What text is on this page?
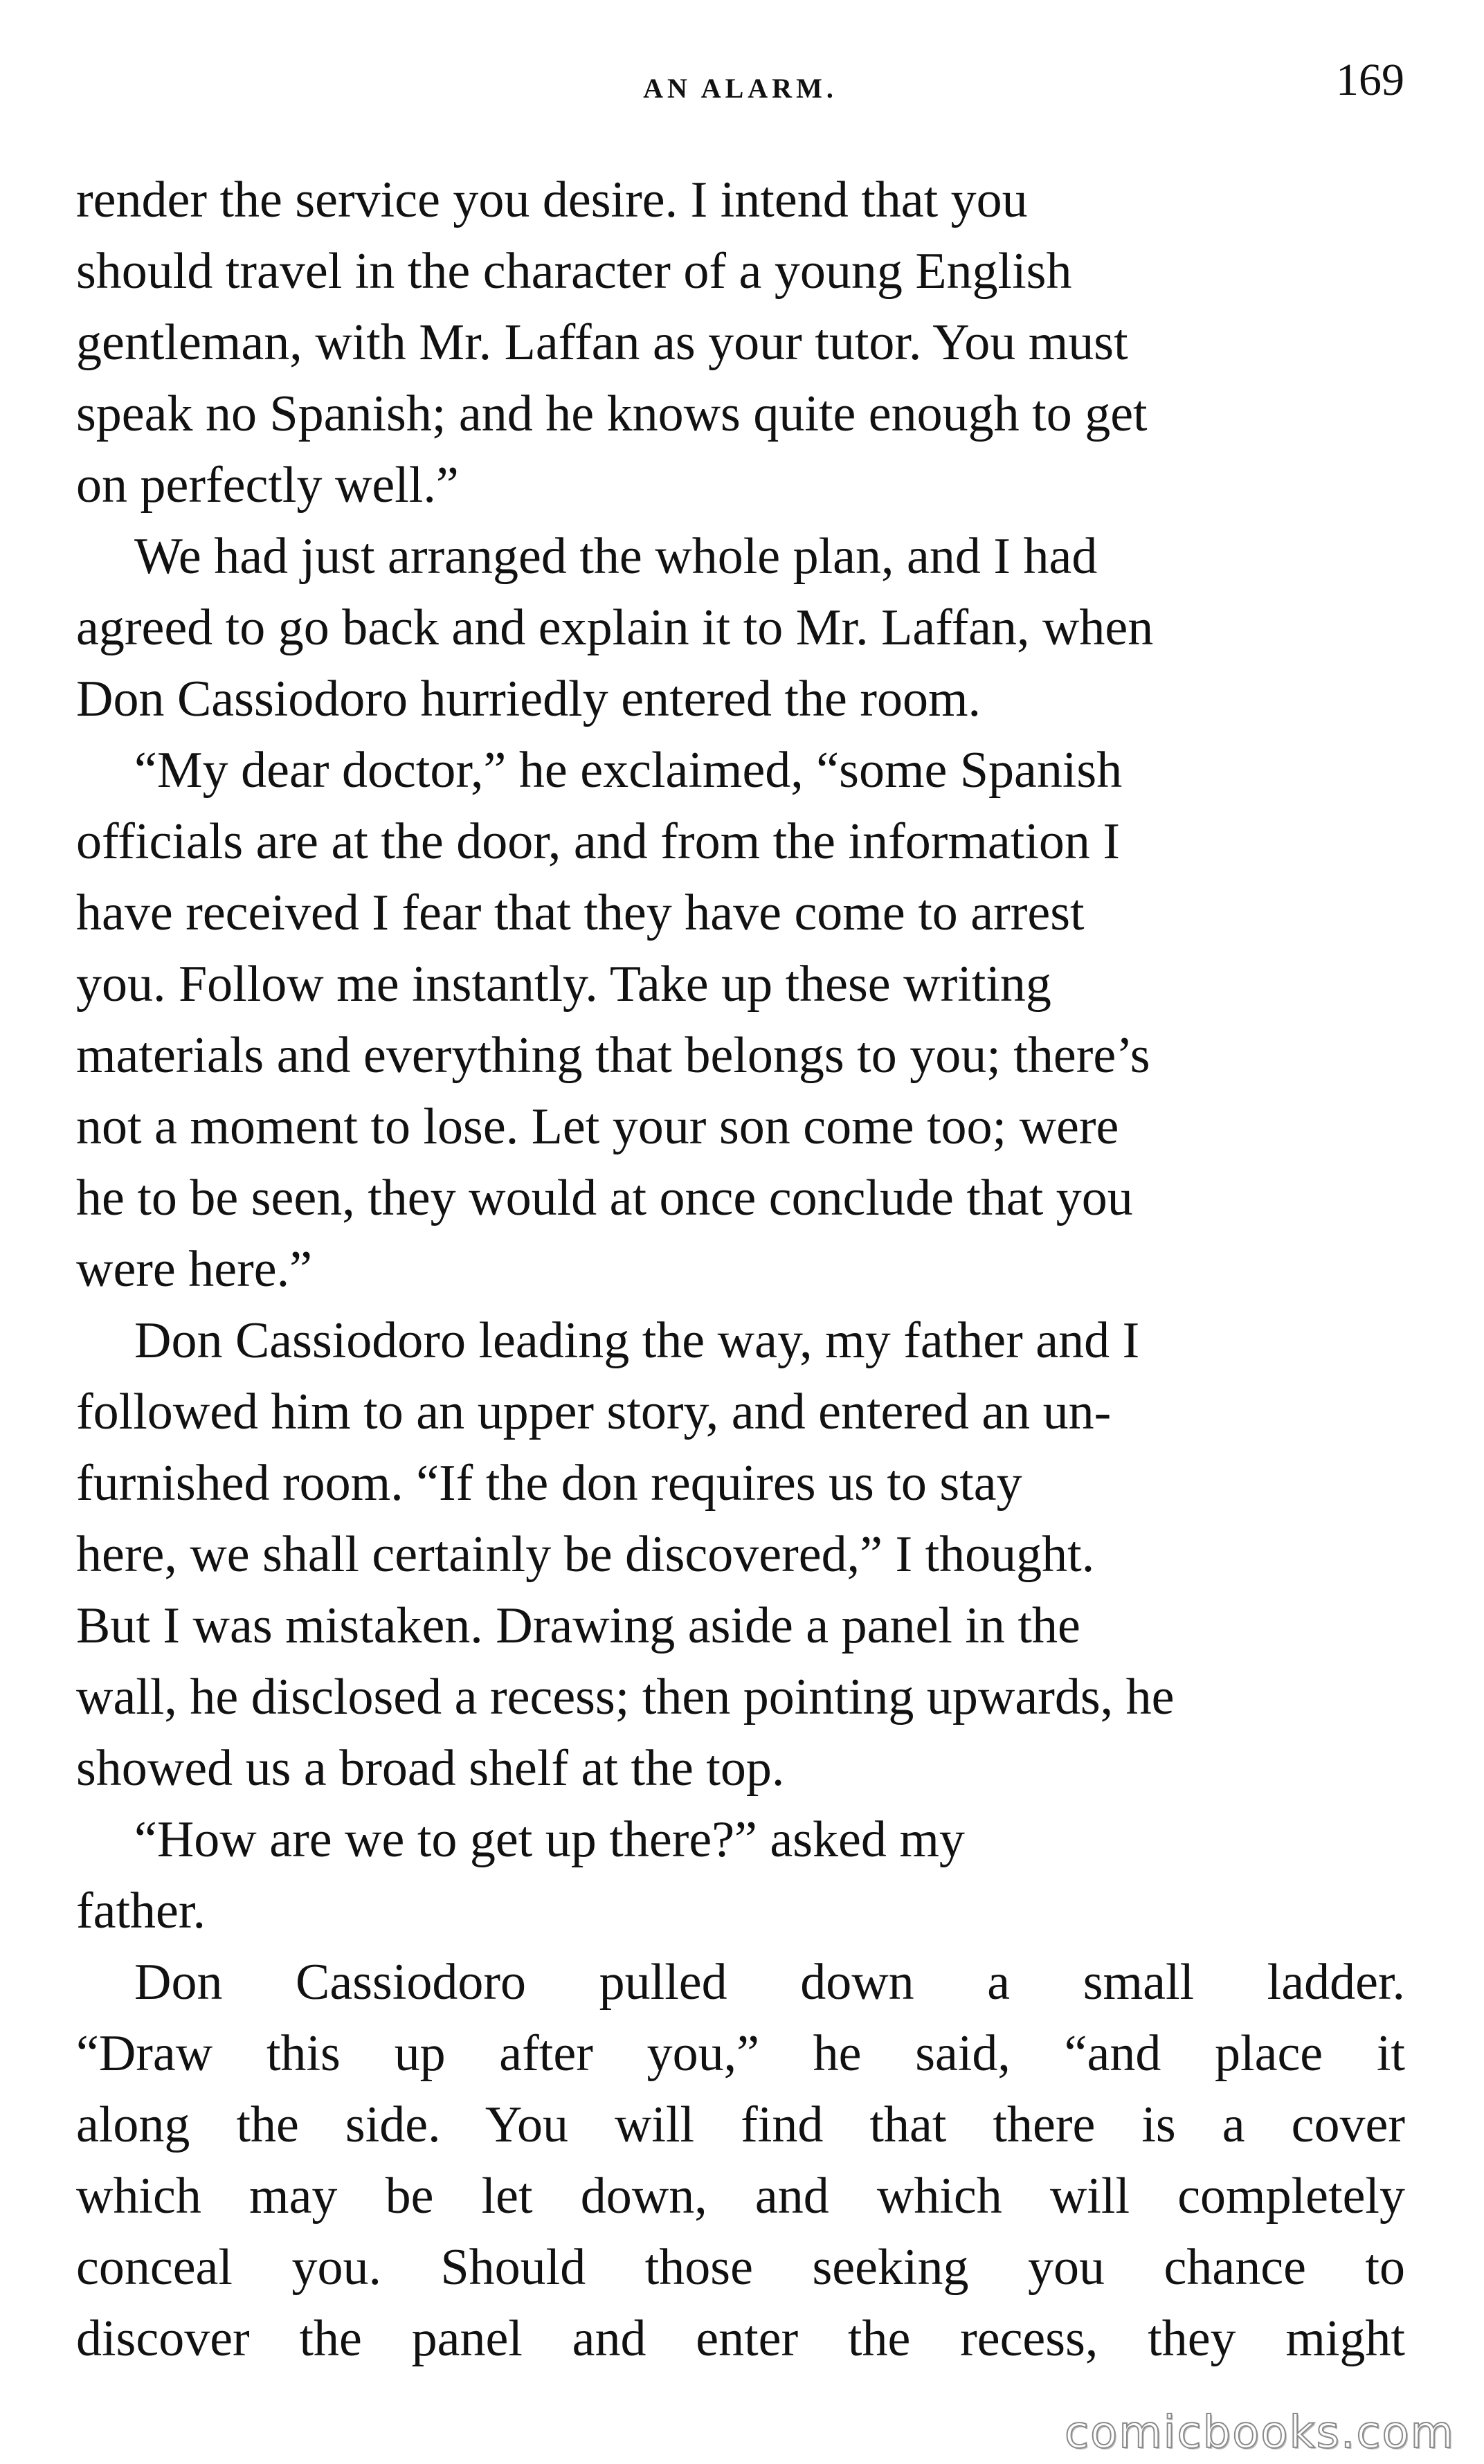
AN ALARM.	169

render the service you desire. I intend that you
should travel in the character of a young English
gentleman, with Mr. Laffan as your tutor. You must
speak no Spanish; and he knows quite enough to get
on perfectly well.”

We had just arranged the whole plan, and I had
agreed to go back and explain it to Mr. Laffan, when
Don Cassiodoro hurriedly entered the room.

“My dear doctor,” he exclaimed, “some Spanish
officials are at the door, and from the information I
have received I fear that they have come to arrest
you. Follow me instantly. Take up these writing
materials and everything that belongs to you; there’s
not a moment to lose. Let your son come too; were
he to be seen, they would at once conclude that you
were here.”

Don Cassiodoro leading the way, my father and I
followed him to an upper story, and entered an un-
furnished room. “If the don requires us to stay
here, we shall certainly be discovered,” I thought.
But I was mistaken. Drawing aside a panel in the
wall, he disclosed a recess; then pointing upwards, he
showed us a broad shelf at the top.

“How are we to get up there?” asked my
father.

Don Cassiodoro pulled down a small ladder.
“Draw this up after you,” he said, “and place it
along the side. You will find that there is a cover
which may be let down, and which will completely
conceal you. Should those seeking you chance to
discover the panel and enter the recess, they might

comicbooks.com
